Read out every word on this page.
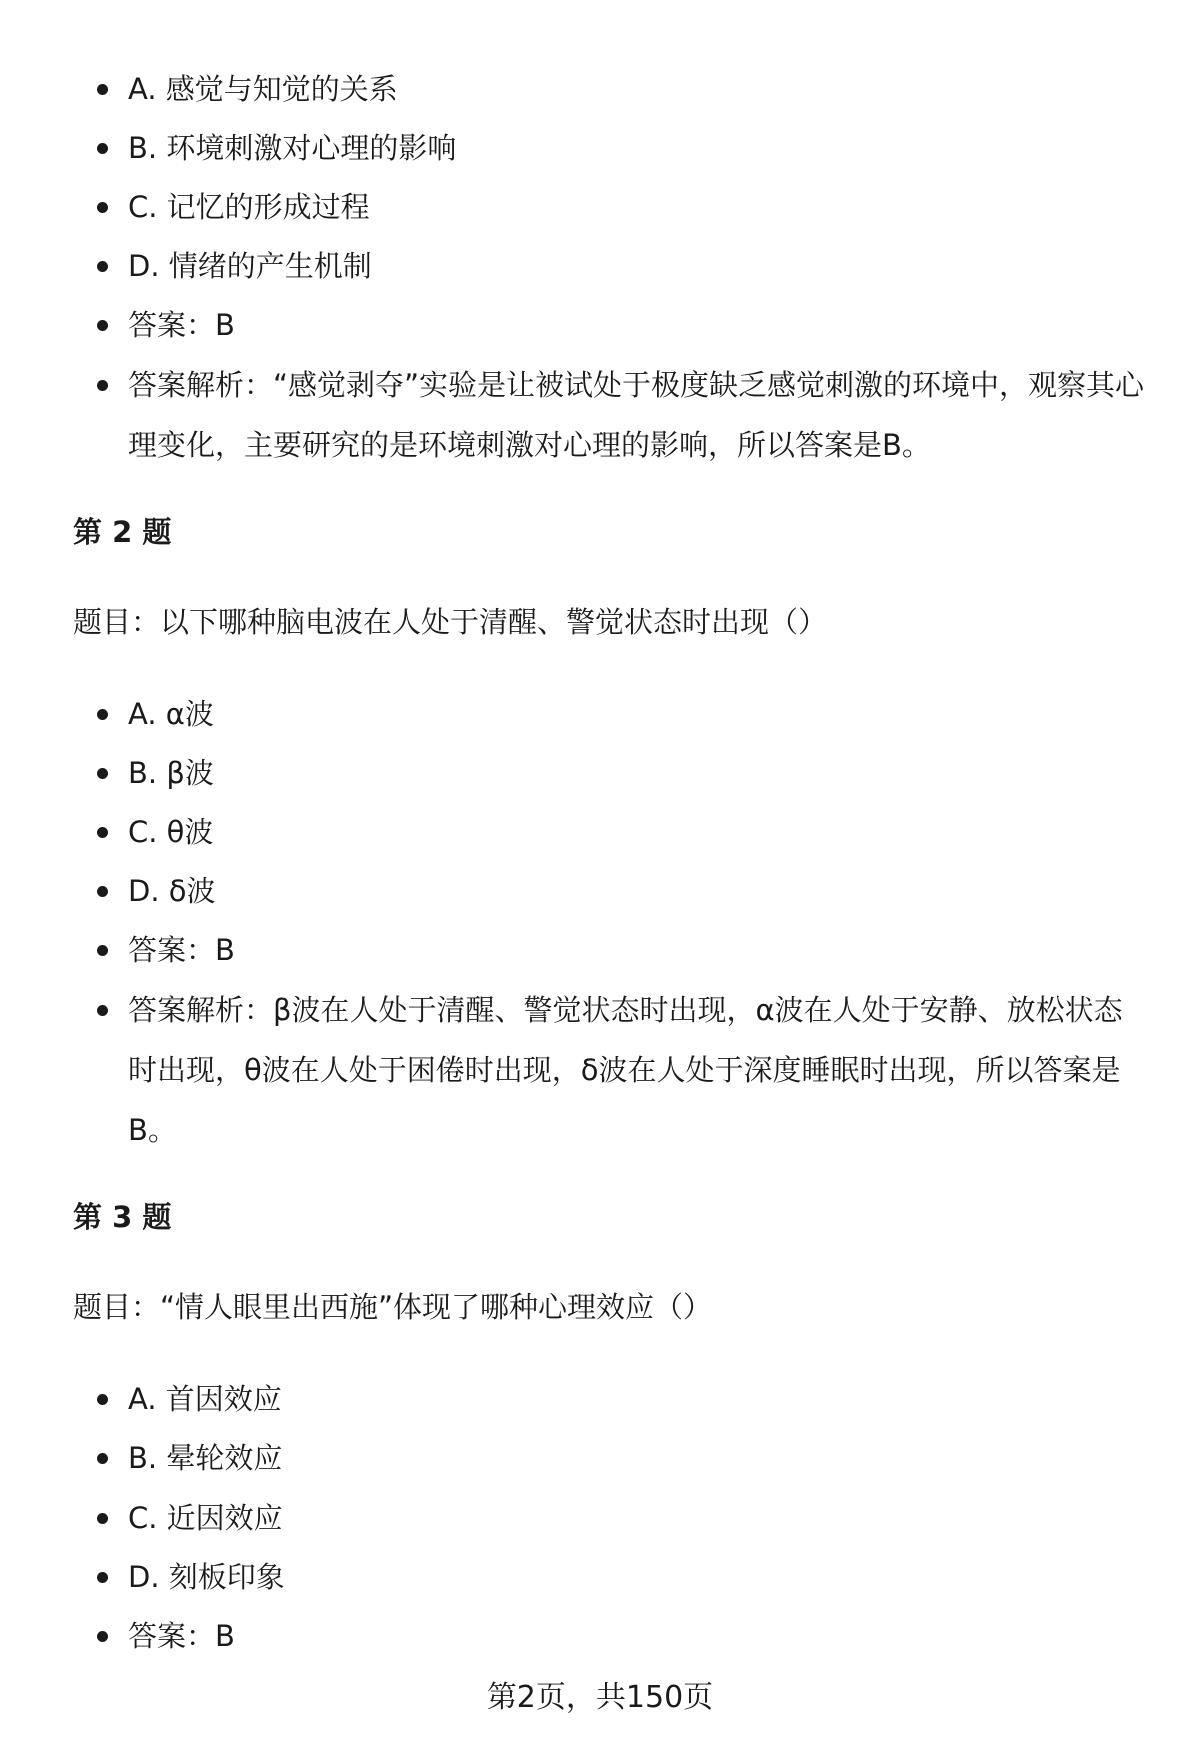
A. 感觉与知觉的关系

B. 环境刺激对心理的影响

C. 记忆的形成过程

D. 情绪的产生机制

答案：B

答案解析：“感觉剥夺”实验是让被试处于极度缺乏感觉刺激的环境中，观察其心理变化，主要研究的是环境刺激对心理的影响，所以答案是B。

第 2 题

题目：以下哪种脑电波在人处于清醒、警觉状态时出现（）

A. α波

B. β波

C. θ波

D. δ波

答案：B

答案解析：β波在人处于清醒、警觉状态时出现，α波在人处于安静、放松状态时出现，θ波在人处于困倦时出现，δ波在人处于深度睡眠时出现，所以答案是B。

第 3 题

题目：“情人眼里出西施”体现了哪种心理效应（）

A. 首因效应

B. 晕轮效应

C. 近因效应

D. 刻板印象

答案：B

第2页，共150页
